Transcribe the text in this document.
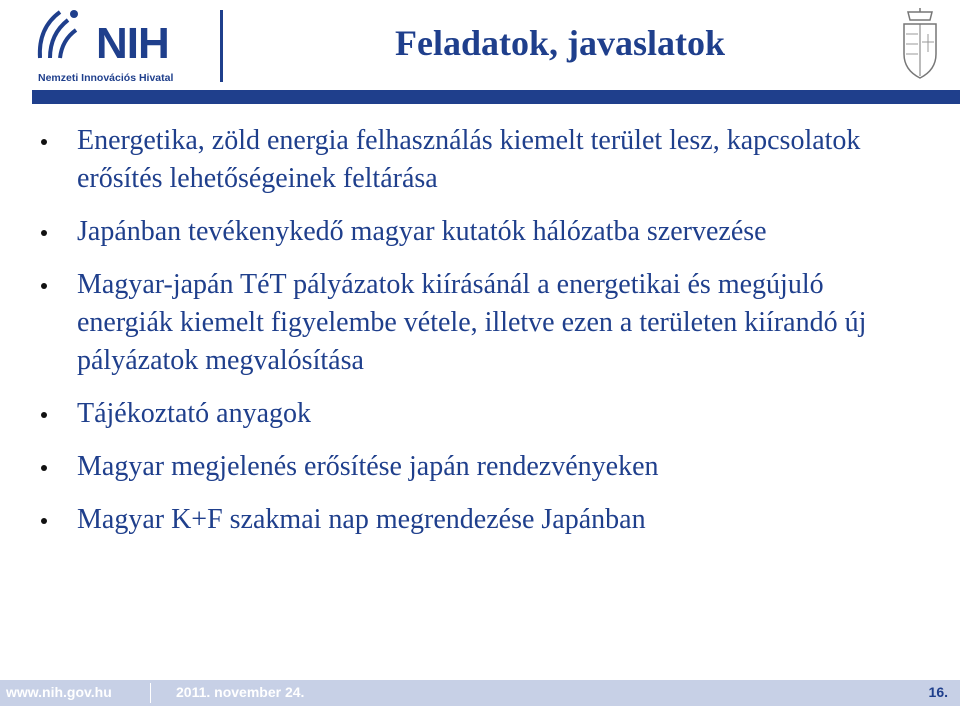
NIH
Nemzeti Innovációs Hivatal
Feladatok, javaslatok
Energetika, zöld energia felhasználás kiemelt terület lesz, kapcsolatok erősítés lehetőségeinek feltárása
Japánban tevékenykedő magyar kutatók hálózatba szervezése
Magyar-japán TéT pályázatok kiírásánál a energetikai és megújuló energiák kiemelt figyelembe vétele, illetve ezen a területen kiírandó új pályázatok megvalósítása
Tájékoztató anyagok
Magyar megjelenés erősítése japán rendezvényeken
Magyar K+F szakmai nap megrendezése Japánban
www.nih.gov.hu	2011. november 24.	16.
